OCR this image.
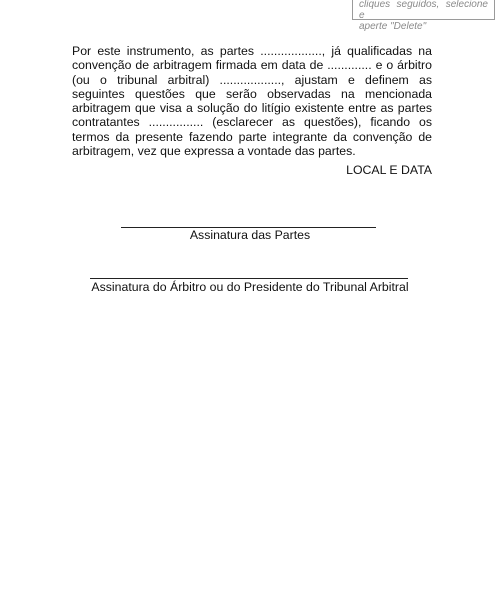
cliques seguidos, selecione e
aperte "Delete"

Por este instrumento, as partes .................., já qualificadas na convenção de arbitragem firmada em data de ............. e o árbitro (ou o tribunal arbitral) .................., ajustam e definem as seguintes questões que serão observadas na mencionada arbitragem que visa a solução do litígio existente entre as partes contratantes ................ (esclarecer as questões), ficando os termos da presente fazendo parte integrante da convenção de arbitragem, vez que expressa a vontade das partes.

LOCAL E DATA
Assinatura das Partes
Assinatura do Árbitro ou do Presidente do Tribunal Arbitral
